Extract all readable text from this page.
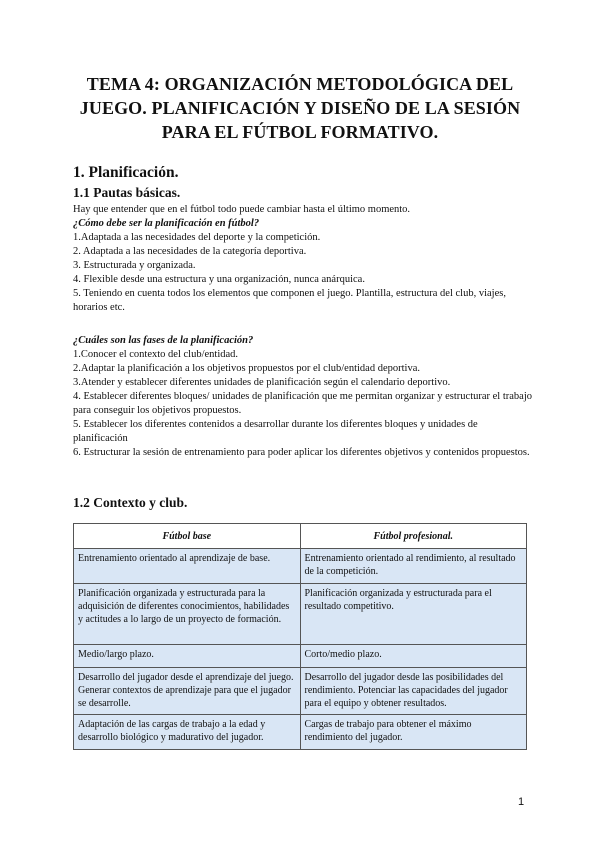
TEMA 4: ORGANIZACIÓN METODOLÓGICA DEL JUEGO. PLANIFICACIÓN Y DISEÑO DE LA SESIÓN PARA EL FÚTBOL FORMATIVO.
1. Planificación.
1.1 Pautas básicas.

Hay que entender que en el fútbol todo puede cambiar hasta el último momento.

¿Cómo debe ser la planificación en fútbol?

1.Adaptada a las necesidades del deporte y la competición.

2. Adaptada a las necesidades de la categoría deportiva.

3. Estructurada y organizada.

4. Flexible desde una estructura y una organización, nunca anárquica.

5. Teniendo en cuenta todos los elementos que componen el juego. Plantilla, estructura del club, viajes, horarios etc.

¿Cuáles son las fases de la planificación?

1.Conocer el contexto del club/entidad.

2.Adaptar la planificación a los objetivos propuestos por el club/entidad deportiva.

3.Atender y establecer diferentes unidades de planificación según el calendario deportivo.

4. Establecer diferentes bloques/ unidades de planificación que me permitan organizar y estructurar el trabajo para conseguir los objetivos propuestos.

5. Establecer los diferentes contenidos a desarrollar durante los diferentes bloques y unidades de planificación

6. Estructurar la sesión de entrenamiento para poder aplicar los diferentes objetivos y contenidos propuestos.

1.2 Contexto y club.
Fútbol base	Fútbol profesional.
Entrenamiento orientado al aprendizaje de base.	Entrenamiento orientado al rendimiento, al resultado de la competición.
Planificación organizada y estructurada para la adquisición de diferentes conocimientos, habilidades y actitudes a lo largo de un proyecto de formación.	Planificación organizada y estructurada para el resultado competitivo.
Medio/largo plazo.	Corto/medio plazo.
Desarrollo del jugador desde el aprendizaje del juego. Generar contextos de aprendizaje para que el jugador se desarrolle.	Desarrollo del jugador desde las posibilidades del rendimiento. Potenciar las capacidades del jugador para el equipo y obtener resultados.
Adaptación de las cargas de trabajo a la edad y desarrollo biológico y madurativo del jugador.	Cargas de trabajo para obtener el máximo rendimiento del jugador.
1
